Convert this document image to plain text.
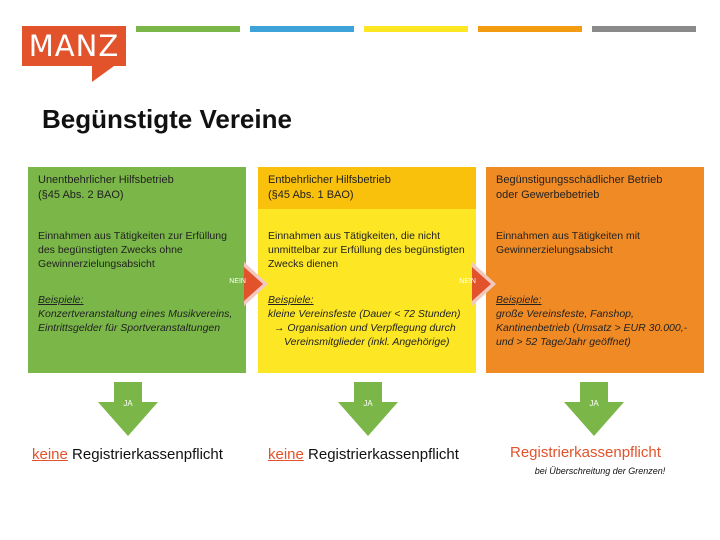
MANZ
Begünstigte Vereine
Unentbehrlicher Hilfsbetrieb
(§45 Abs. 2 BAO)
Einnahmen aus Tätigkeiten zur Erfüllung des begünstigten Zwecks ohne Gewinnerzielungsabsicht
Beispiele:
Konzertveranstaltung eines Musikvereins,
Eintrittsgelder für Sportveranstaltungen
Entbehrlicher Hilfsbetrieb
(§45 Abs. 1 BAO)
Einnahmen aus Tätigkeiten, die nicht unmittelbar zur Erfüllung des begünstigten Zwecks dienen
Beispiele:
kleine Vereinsfeste (Dauer < 72 Stunden)
→ Organisation und Verpflegung durch
Vereinsmitglieder (inkl. Angehörige)
Begünstigungsschädlicher Betrieb
oder Gewerbebetrieb
Einnahmen aus Tätigkeiten mit Gewinnerzielungsabsicht
Beispiele:
große Vereinsfeste, Fanshop,
Kantinenbetrieb (Umsatz > EUR 30.000,-
und > 52 Tage/Jahr geöffnet)
NEIN	NEIN
JA	JA	JA
keine Registrierkassenpflicht	keine Registrierkassenpflicht	Registrierkassenpflicht
bei Überschreitung der Grenzen!
